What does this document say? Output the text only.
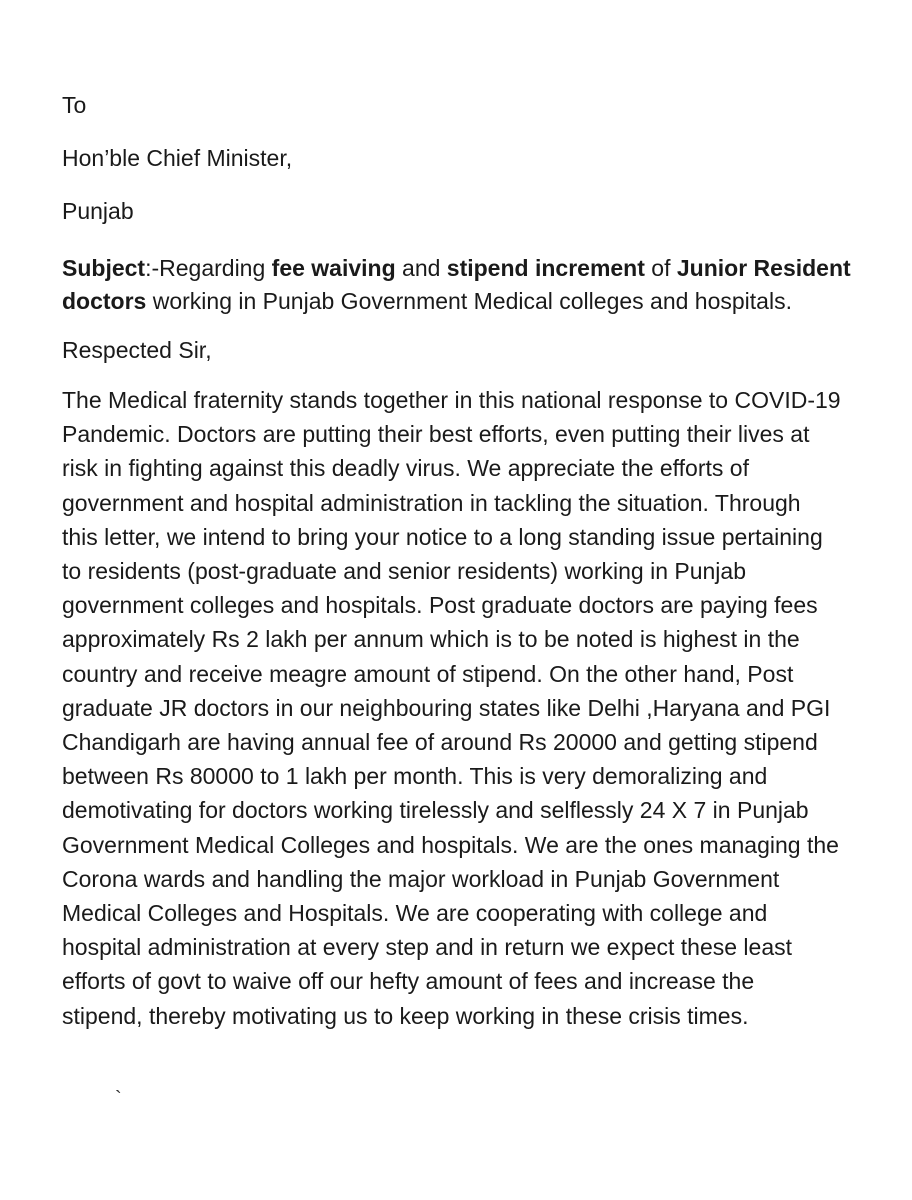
To

Hon’ble Chief Minister,

Punjab

Subject:-Regarding fee waiving and stipend increment of Junior Resident
doctors working in Punjab Government Medical colleges and hospitals.

Respected Sir,

The Medical fraternity stands together in this national response to COVID-19
Pandemic. Doctors are putting their best efforts, even putting their lives at
risk in fighting against this deadly virus. We appreciate the efforts of
government and hospital administration in tackling the situation. Through
this letter, we intend to bring your notice to a long standing issue pertaining
to residents (post-graduate and senior residents) working in Punjab
government colleges and hospitals. Post graduate doctors are paying fees
approximately Rs 2 lakh per annum which is to be noted is highest in the
country and receive meagre amount of stipend. On the other hand, Post
graduate JR doctors in our neighbouring states like Delhi ,Haryana and PGI
Chandigarh are having annual fee of around Rs 20000 and getting stipend
between Rs 80000 to 1 lakh per month. This is very demoralizing and
demotivating for doctors working tirelessly and selflessly 24 X 7 in Punjab
Government Medical Colleges and hospitals. We are the ones managing the
Corona wards and handling the major workload in Punjab Government
Medical Colleges and Hospitals. We are cooperating with college and
hospital administration at every step and in return we expect these least
efforts of govt to waive off our hefty amount of fees and increase the
stipend, thereby motivating us to keep working in these crisis times.
`
